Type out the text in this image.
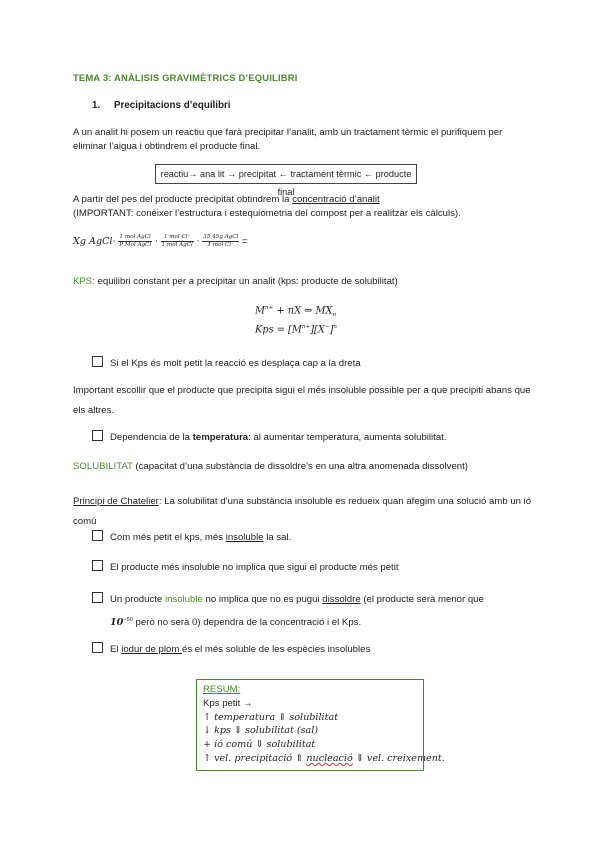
TEMA 3: ANÀLISIS GRAVIMÈTRICS D’EQUILIBRI
1. Precipitacions d’equilibri
A un analit hi posem un reactiu que farà precipitar l’analit, amb un tractament tèrmic el purifiquem per eliminar l’aigua i obtindrem el producte final.
reactiu→ ana lit → precipitat ← tractament tèrmic ← producte final
A partir del pes del producte precipitat obtindrem la concentració d’analit
(IMPORTANT: conèixer l’estructura i estequiometria del compost per a realitzar els càlculs).
Xg AgCl· $\frac{\text{1 mol AgCl}}{\text{P Mol AgCl}} \cdot \frac{\text{1 mol Cl⁻}}{\text{1 mol AgCl}} \cdot \frac{\text{35,45g AgCl}}{\text{1 mol Cl⁻}}$ =
KPS: equilibri constant per a precipitar un analit (kps: producte de solubilitat)
$M^{n+}$ + nX ⇔ $MX_n$
Kps = $[M^{n+}][X^-]^n$
Si el Kps és molt petit la reacció es desplaça cap a la dreta
Important escollir que el producte que precipita sigui el més insoluble possible per a que precipiti abans que els altres.
Dependencia de la temperatura: al aumentar temperatura, aumenta solubilitat.
SOLUBILITAT (capacitat d’una substància de dissoldre’s en una altra anomenada dissolvent)
Principi de Chatelier: La solubilitat d’una substància insoluble es redueix quan afegim una solució amb un ió comú
Com més petit el kps, més insoluble la sal.
El producte més insoluble no implica que sigui el producte més petit
Un producte insoluble no implica que no es pugui dissoldre (el producte serà menor que
$10^{-50}$ però no serà 0) dependra de la concentració i el Kps.
El iodur de plom és el més soluble de les espècies insolubles
RESUM:
Kps petit →
↑ temperatura ⇑ solubilitat
↓ kps ⇓ solubilitat (sal)
+ ió comú ⇓ solubilitat
↑ vel. precipitació ⇑ nucleació ⇓ vel. creixement.
